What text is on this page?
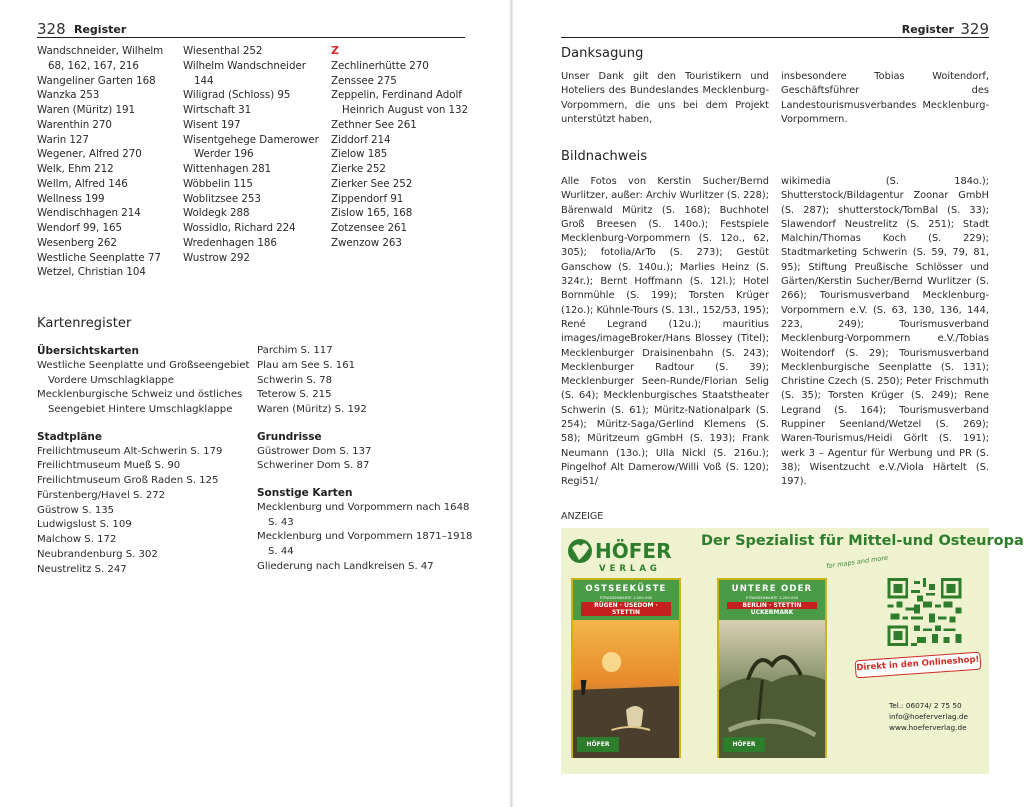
328 Register
Wandschneider, Wilhelm 68, 162, 167, 216
Wangeliner Garten 168
Wanzka 253
Waren (Müritz) 191
Warenthin 270
Warin 127
Wegener, Alfred 270
Welk, Ehm 212
Wellm, Alfred 146
Wellness 199
Wendischhagen 214
Wendorf 99, 165
Wesenberg 262
Westliche Seenplatte 77
Wetzel, Christian 104
Wiesenthal 252
Wilhelm Wandschneider 144
Wiligrad (Schloss) 95
Wirtschaft 31
Wisent 197
Wisentgehege Damerower Werder 196
Wittenhagen 281
Wöbbelin 115
Woblitzsee 253
Woldegk 288
Wossidlo, Richard 224
Wredenhagen 186
Wustrow 292
Z
Zechlinerhütte 270
Zenssee 275
Zeppelin, Ferdinand Adolf Heinrich August von 132
Zethner See 261
Ziddorf 214
Zielow 185
Zierke 252
Zierker See 252
Zippendorf 91
Zislow 165, 168
Zotzensee 261
Zwenzow 263
Kartenregister
Übersichtskarten
Westliche Seenplatte und Großseengebiet Vordere Umschlagklappe
Mecklenburgische Schweiz und östliches Seengebiet Hintere Umschlagklappe
Stadtpläne
Freilichtmuseum Alt-Schwerin S. 179
Freilichtmuseum Mueß S. 90
Freilichtmuseum Groß Raden S. 125
Fürstenberg/Havel S. 272
Güstrow S. 135
Ludwigslust S. 109
Malchow S. 172
Neubrandenburg S. 302
Neustrelitz S. 247
Parchim S. 117
Plau am See S. 161
Schwerin S. 78
Teterow S. 215
Waren (Müritz) S. 192
Grundrisse
Güstrower Dom S. 137
Schweriner Dom S. 87
Sonstige Karten
Mecklenburg und Vorpommern nach 1648 S. 43
Mecklenburg und Vorpommern 1871–1918 S. 44
Gliederung nach Landkreisen S. 47
Register 329
Danksagung
Unser Dank gilt den Touristikern und Hoteliers des Bundeslandes Mecklenburg-Vorpommern, die uns bei dem Projekt unterstützt haben,
insbesondere Tobias Woitendorf, Geschäftsführer des Landestourismusverbandes Mecklenburg-Vorpommern.
Bildnachweis
Alle Fotos von Kerstin Sucher/Bernd Wurlitzer, außer: Archiv Wurlitzer (S. 228); Bärenwald Müritz (S. 168); Buchhotel Groß Breesen (S. 140o.); Festspiele Mecklenburg-Vorpommern (S. 12o., 62, 305); fotolia/ArTo (S. 273); Gestüt Ganschow (S. 140u.); Marlies Heinz (S. 324r.); Bernt Hoffmann (S. 12l.); Hotel Bornmühle (S. 199); Torsten Krüger (12o.); Kühnle-Tours (S. 13l., 152/53, 195); René Legrand (12u.); mauritius images/imageBroker/Hans Blossey (Titel); Mecklenburger Draisinenbahn (S. 243); Mecklenburger Radtour (S. 39); Mecklenburger Seen-Runde/Florian Selig (S. 64); Mecklenburgisches Staatstheater Schwerin (S. 61); Müritz-Nationalpark (S. 254); Müritz-Saga/Gerlind Klemens (S. 58); Müritzeum gGmbH (S. 193); Frank Neumann (13o.); Ulla Nickl (S. 216u.); Pingelhof Alt Damerow/Willi Voß (S. 120); Regi51/
wikimedia (S. 184o.); Shutterstock/Bildagentur Zoonar GmbH (S. 287); shutterstock/TomBal (S. 33); Slawendorf Neustrelitz (S. 251); Stadt Malchin/Thomas Koch (S. 229); Stadtmarketing Schwerin (S. 59, 79, 81, 95); Stiftung Preußische Schlösser und Gärten/Kerstin Sucher/Bernd Wurlitzer (S. 266); Tourismusverband Mecklenburg-Vorpommern e.V. (S. 63, 130, 136, 144, 223, 249); Tourismusverband Mecklenburg-Vorpommern e.V./Tobias Woitendorf (S. 29); Tourismusverband Mecklenburgische Seenplatte (S. 131); Christine Czech (S. 250); Peter Frischmuth (S. 35); Torsten Krüger (S. 249); Rene Legrand (S. 164); Tourismusverband Ruppiner Seenland/Wetzel (S. 269); Waren-Tourismus/Heidi Görlt (S. 191); werk 3 – Agentur für Werbung und PR (S. 38); Wisentzucht e.V./Viola Härtelt (S. 197).
ANZEIGE
HÖFER
VERLAG
Der Spezialist für Mittel-und Osteuropa
for maps and more
OSTSEEKÜSTE
STRASSENKARTE 1:200.000
RÜGEN · USEDOM · STETTIN
HÖFER
UNTERE ODER
STRASSENKARTE 1:200.000
BERLIN · STETTIN
UCKERMARK
HÖFER
Direkt in den Onlineshop!
Tel.: 06074/ 2 75 50
info@hoeferverlag.de
www.hoeferverlag.de
